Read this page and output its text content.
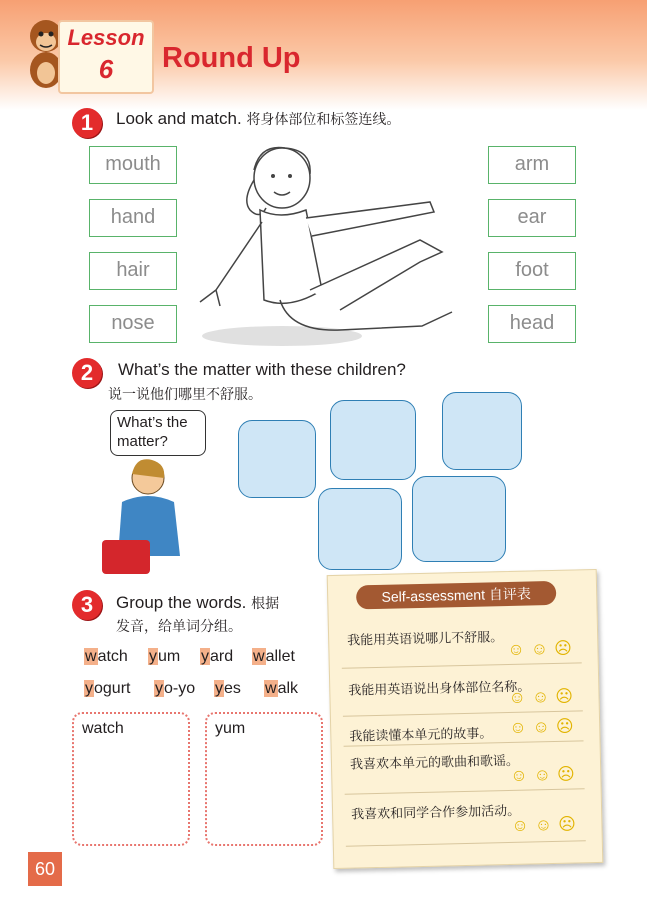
Lesson
6	Round Up
1	Look and match. 将身体部位和标签连线。
mouth
hand
hair
nose
arm
ear
foot
head
2	What’s the matter with these children?
说一说他们哪里不舒服。
What’s the matter?
3	Group the words. 根据
发音，给单词分组。
watch yum yard wallet
yogurt yo-yo yes walk
watch	yum
Self-assessment 自评表
我能用英语说哪儿不舒服。
☺☺☹
我能用英语说出身体部位名称。
☺☺☹
我能读懂本单元的故事。 ☺☺☹
我喜欢本单元的歌曲和歌谣。
☺☺☹
我喜欢和同学合作参加活动。
☺☺☹
60
